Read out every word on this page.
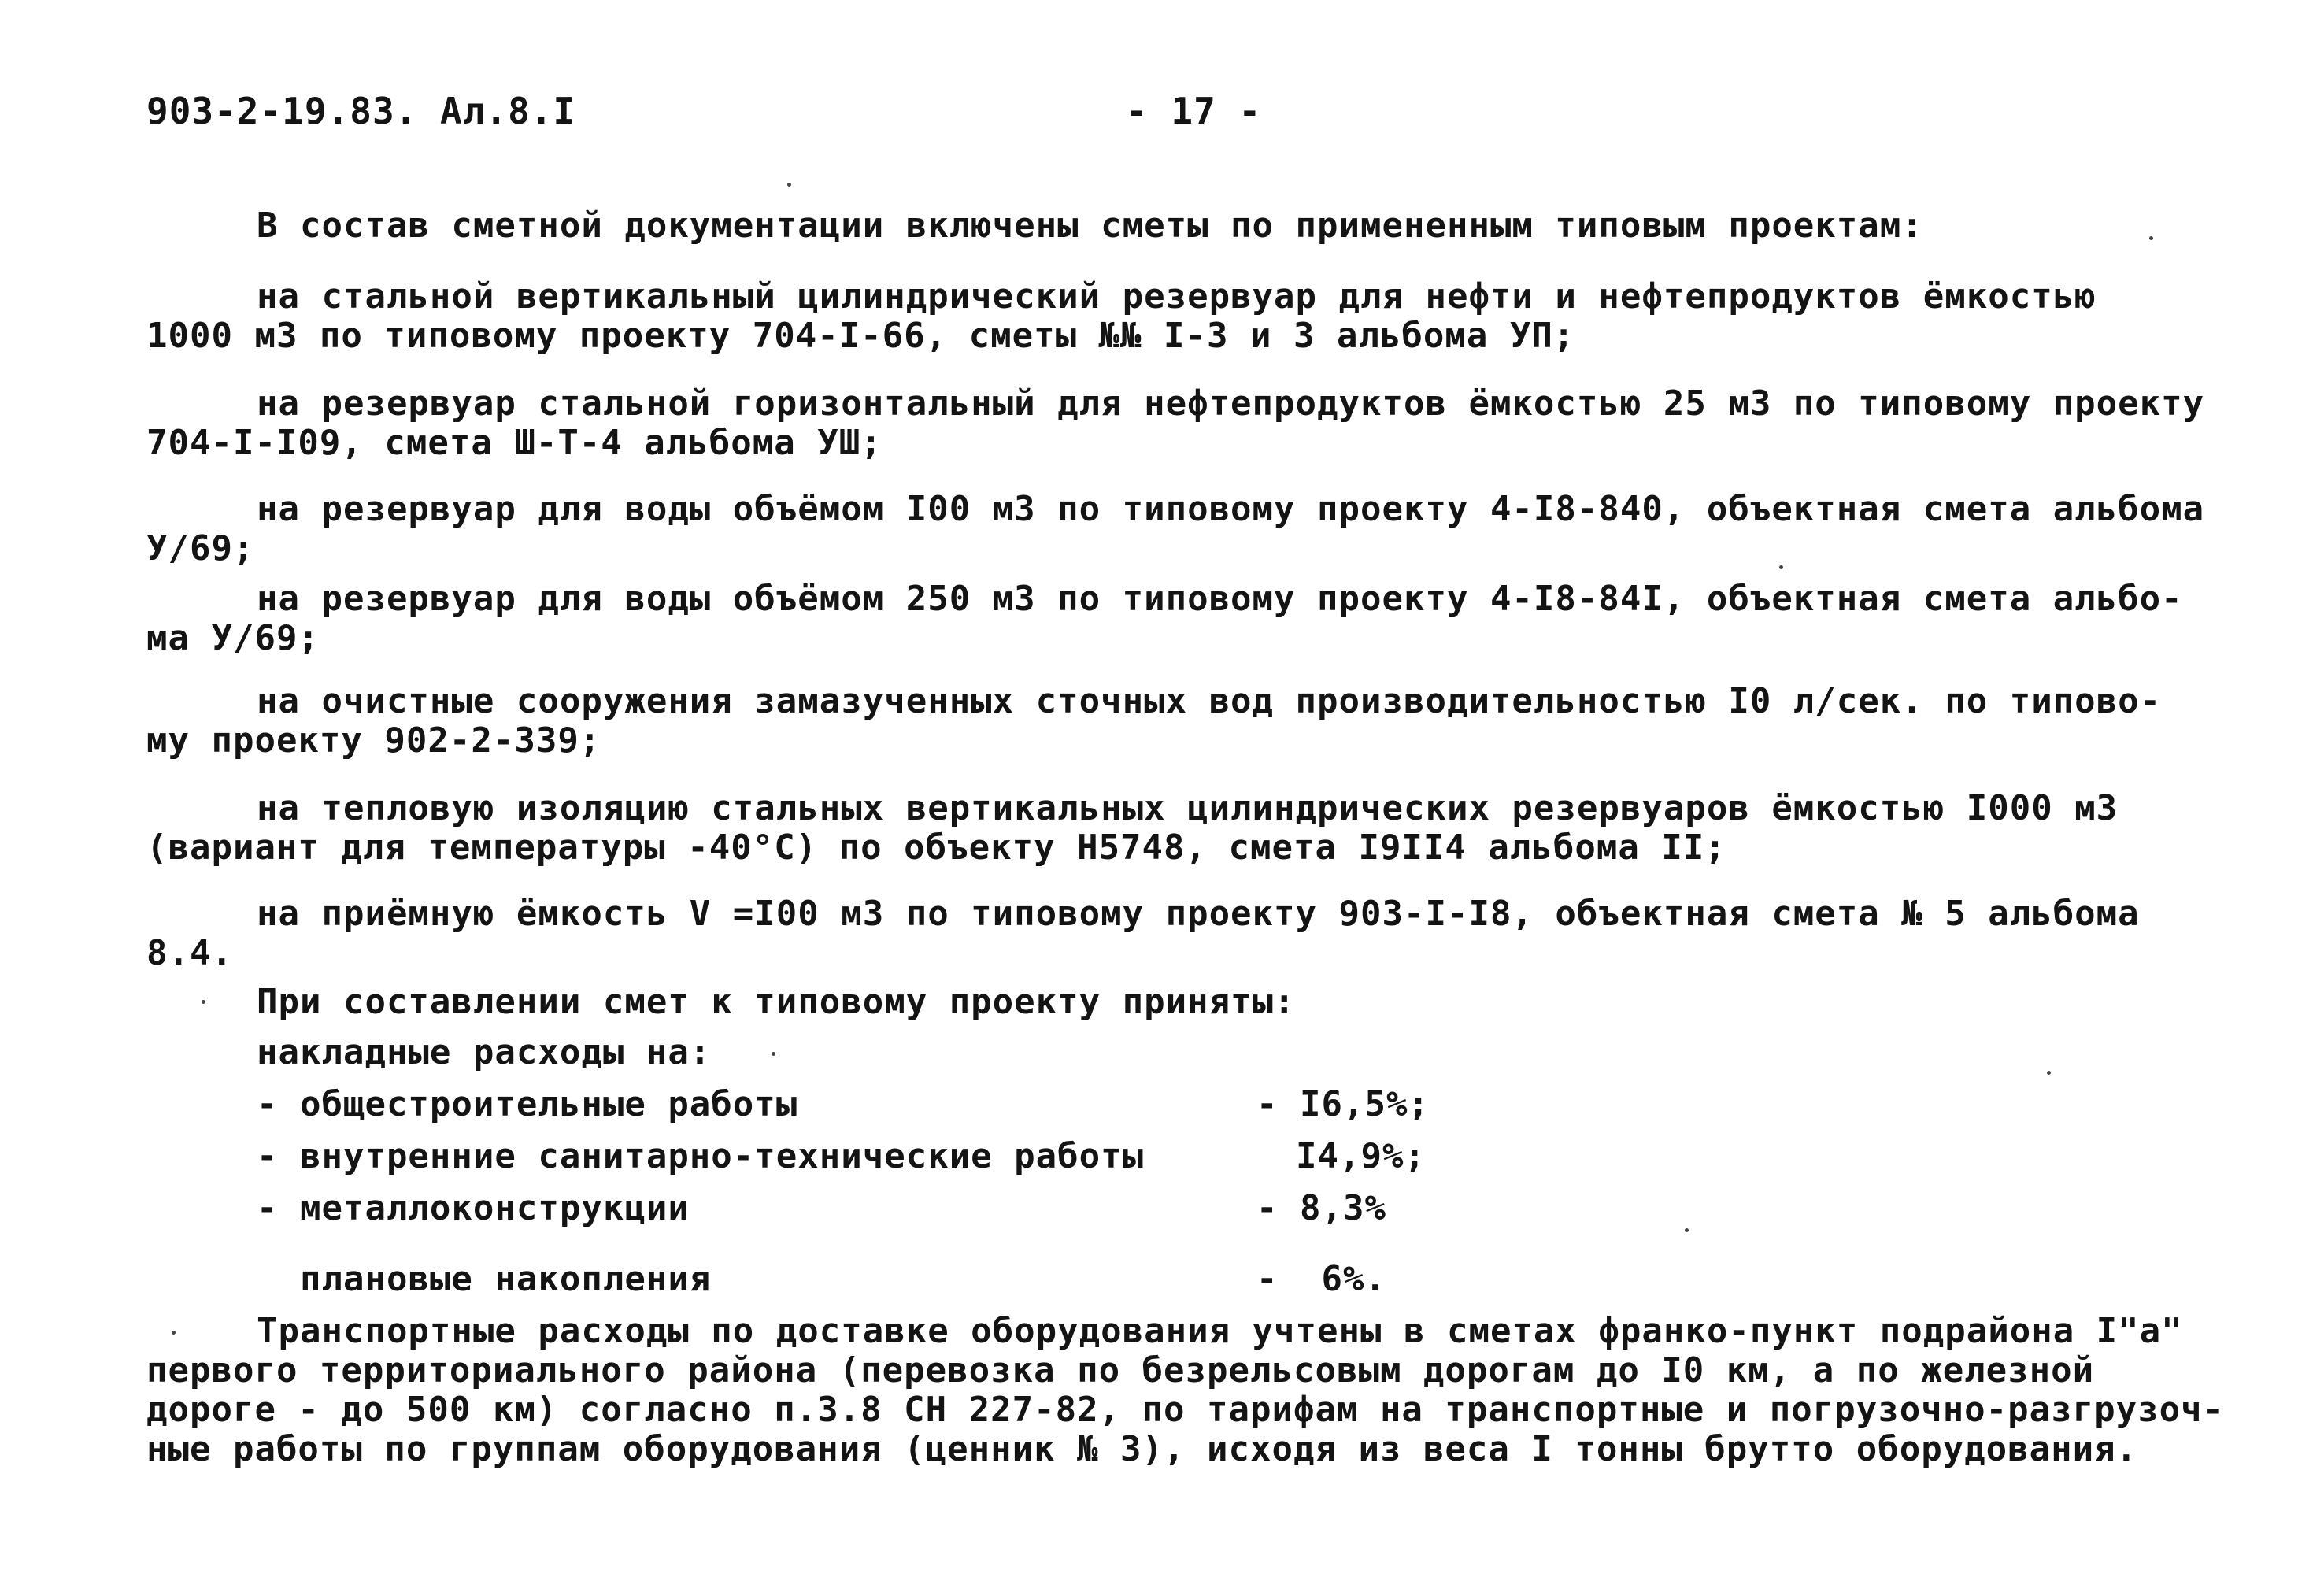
903-2-19.83. Ал.8.I	- 17 -
В состав сметной документации включены сметы по примененным типовым проектам:
на стальной вертикальный цилиндрический резервуар для нефти и нефтепродуктов ёмкостью
1000 м3 по типовому проекту 704-I-66, сметы №№ I-3 и 3 альбома УП;
на резервуар стальной горизонтальный для нефтепродуктов ёмкостью 25 м3 по типовому проекту
704-I-I09, смета Ш-Т-4 альбома УШ;
на резервуар для воды объёмом I00 м3 по типовому проекту 4-I8-840, объектная смета альбома
У/69;
на резервуар для воды объёмом 250 м3 по типовому проекту 4-I8-84I, объектная смета альбо-
ма У/69;
на очистные сооружения замазученных сточных вод производительностью I0 л/сек. по типово-
му проекту 902-2-339;
на тепловую изоляцию стальных вертикальных цилиндрических резервуаров ёмкостью I000 м3
(вариант для температуры -40°С) по объекту Н5748, смета I9II4 альбома II;
на приёмную ёмкость V =I00 м3 по типовому проекту 903-I-I8, объектная смета № 5 альбома
8.4.
При составлении смет к типовому проекту приняты:
накладные расходы на:
- общестроительные работы	- I6,5%;
- внутренние санитарно-технические работы	I4,9%;
- металлоконструкции	- 8,3%
плановые накопления	-  6%.
Транспортные расходы по доставке оборудования учтены в сметах франко-пункт подрайона I"а"
первого территориального района (перевозка по безрельсовым дорогам до I0 км, а по железной
дороге - до 500 км) согласно п.3.8 СН 227-82, по тарифам на транспортные и погрузочно-разгрузоч-
ные работы по группам оборудования (ценник № 3), исходя из веса I тонны брутто оборудования.
